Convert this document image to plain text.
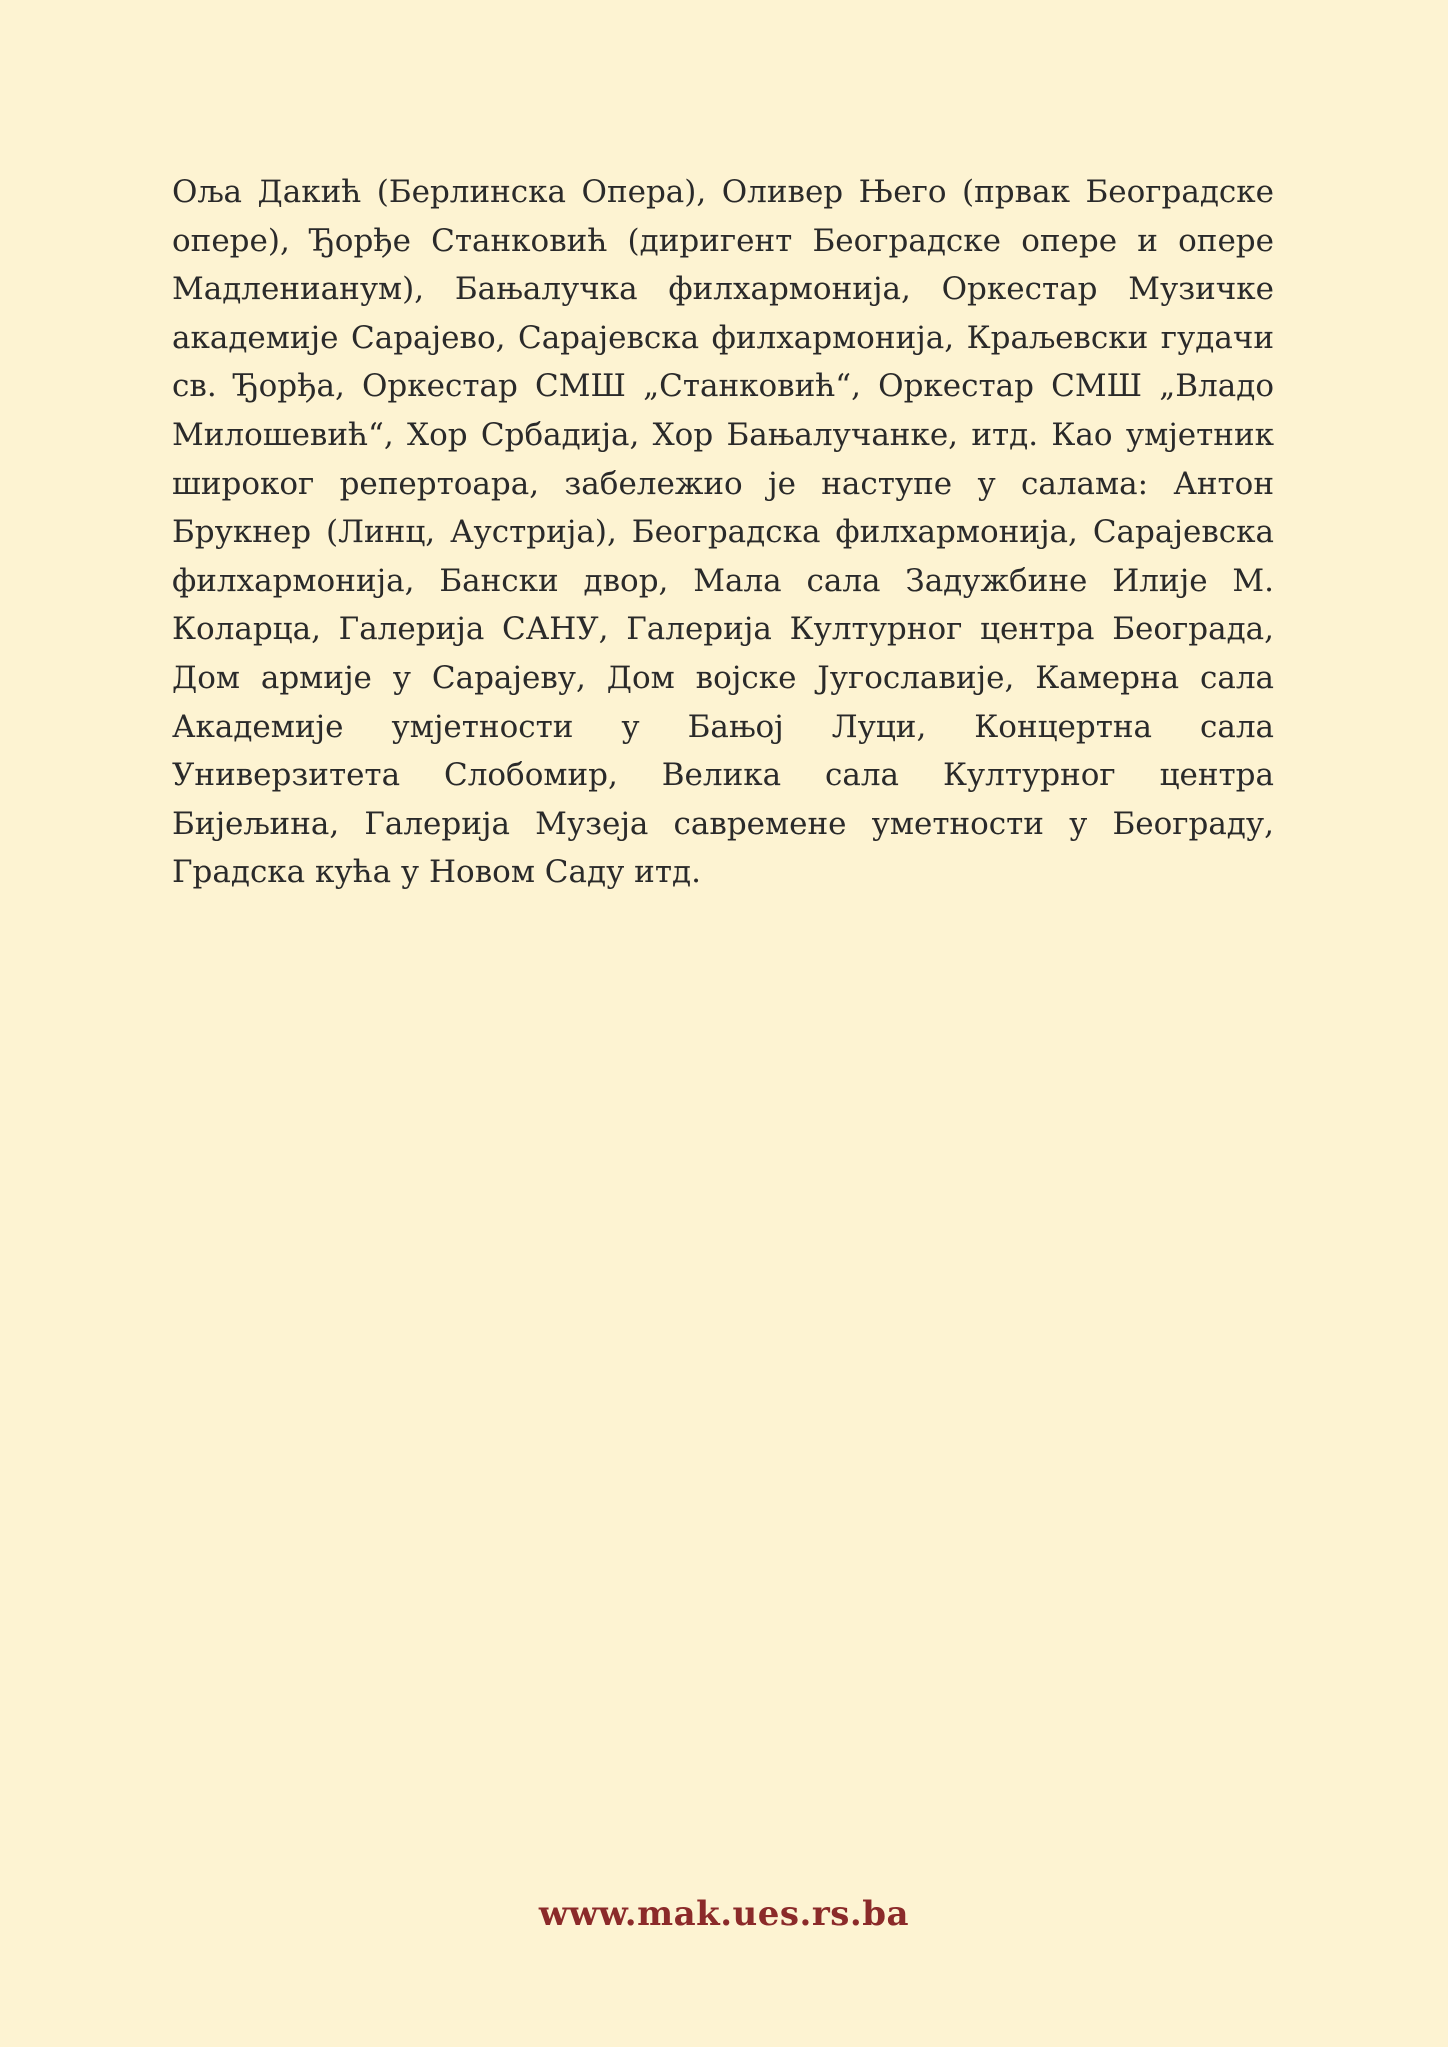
Оља Дакић (Берлинска Опера), Оливер Њего (првак Београдске опере), Ђорђе Станковић (диригент Београдске опере и опере Мадленианум), Бањалучка филхармонија, Оркестар Музичке академије Сарајево, Сарајевска филхармонија, Краљевски гудачи св. Ђорђа, Оркестар СМШ „Станковић“, Оркестар СМШ „Владо Милошевић“, Хор Србадија, Хор Бањалучанке, итд. Као умјетник широког репертоара, забележио је наступе у салама: Антон Брукнер (Линц, Аустрија), Београдска филхармонија, Сарајевска филхармонија, Бански двор, Мала сала Задужбине Илије М. Коларца, Галерија САНУ, Галерија Културног центра Београда, Дом армије у Сарајеву, Дом војске Југославије, Камерна сала Академије умјетности у Бањој Луци, Концертна сала Универзитета Слобомир, Велика сала Културног центра Бијељина, Галерија Музеја савремене уметности у Београду, Градска кућа у Новом Саду итд.

www.mak.ues.rs.ba
